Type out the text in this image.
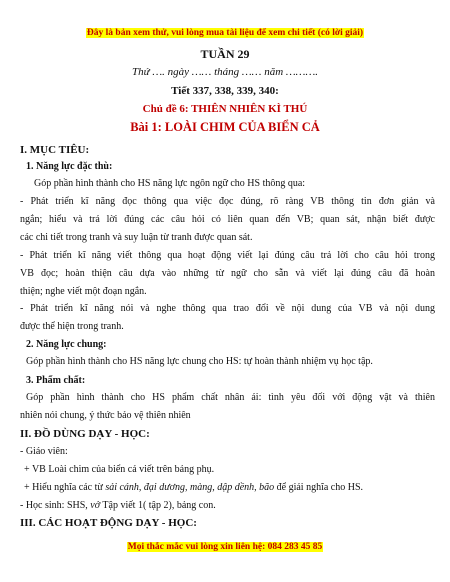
Đây là bản xem thử, vui lòng mua tài liệu để xem chi tiết (có lời giải)
TUẦN 29
Thứ …. ngày …… tháng …… năm ……….
Tiết 337, 338, 339, 340:
Chủ đề 6: THIÊN NHIÊN KÌ THÚ
Bài 1: LOÀI CHIM CỦA BIỂN CẢ
I. MỤC TIÊU:
1. Năng lực đặc thù:
Góp phần hình thành cho HS năng lực ngôn ngữ cho HS thông qua:
- Phát triển kĩ năng đọc thông qua việc đọc đúng, rõ ràng VB thông tin đơn giản và
ngắn; hiểu và trả lời đúng các câu hỏi có liên quan đến VB; quan sát, nhận biết được
các chi tiết trong tranh và suy luận từ tranh được quan sát.
- Phát triển kĩ năng viết thông qua hoạt động viết lại đúng câu trả lời cho câu hỏi trong
VB đọc; hoàn thiện câu dựa vào những từ ngữ cho sẵn và viết lại đúng câu đã hoàn
thiện; nghe viết một đoạn ngắn.
- Phát triển kĩ năng nói và nghe thông qua trao đổi về nội dung của VB và nội dung
được thể hiện trong tranh.
2. Năng lực chung:
Góp phần hình thành cho HS năng lực chung cho HS: tự hoàn thành nhiệm vụ học tập.
3. Phẩm chất:
Góp phần hình thành cho HS phẩm chất nhân ái: tình yêu đối với động vật và thiên
nhiên nói chung, ý thức bảo vệ thiên nhiên
II. ĐỒ DÙNG DẠY - HỌC:
- Giáo viên:
+ VB Loài chim của biển cả viết trên bảng phụ.
+ Hiểu nghĩa các từ sải cánh, đại dương, màng, dập dềnh, bão để giải nghĩa cho HS.
- Học sinh: SHS, vở Tập viết 1( tập 2), bảng con.
III. CÁC HOẠT ĐỘNG DẠY - HỌC:
Mọi thắc mắc vui lòng xin liên hệ: 084 283 45 85
